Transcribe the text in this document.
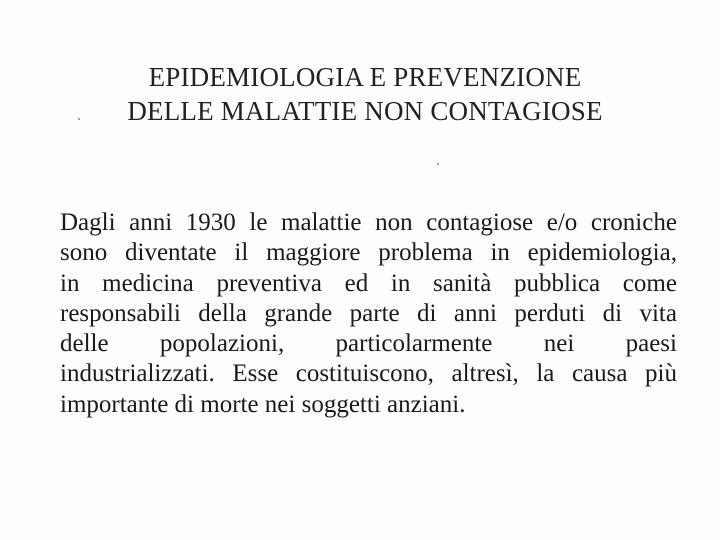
EPIDEMIOLOGIA E PREVENZIONE
DELLE MALATTIE NON CONTAGIOSE

Dagli anni 1930 le malattie non contagiose e/o croniche
sono diventate il maggiore problema in epidemiologia,
in medicina preventiva ed in sanità pubblica come
responsabili della grande parte di anni perduti di vita
delle popolazioni, particolarmente nei paesi
industrializzati. Esse costituiscono, altresì, la causa più
importante di morte nei soggetti anziani.
